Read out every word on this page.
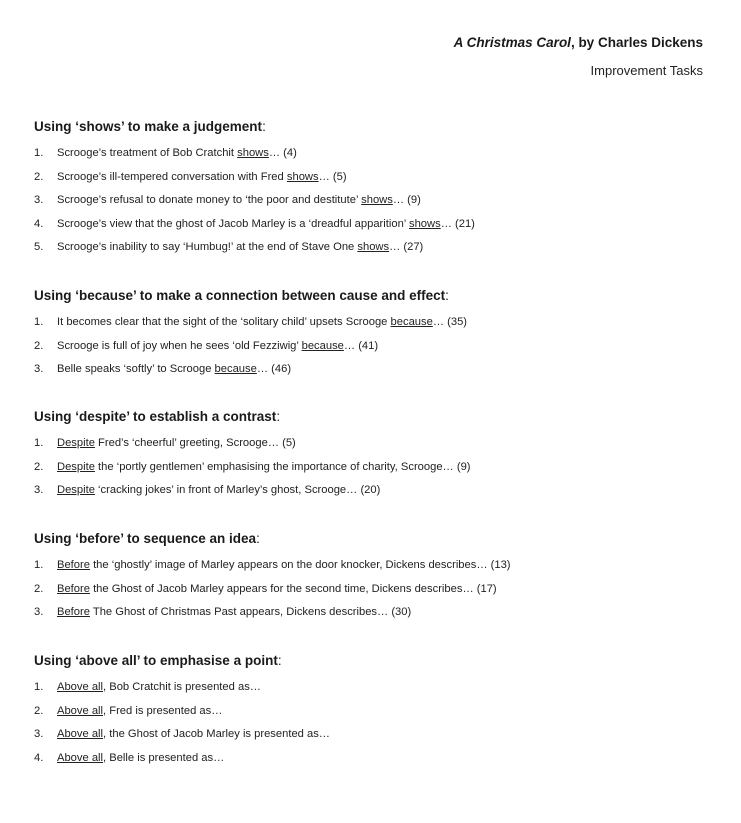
A Christmas Carol, by Charles Dickens
Improvement Tasks
Using ‘shows’ to make a judgement:
1. Scrooge’s treatment of Bob Cratchit shows… (4)
2. Scrooge’s ill-tempered conversation with Fred shows… (5)
3. Scrooge’s refusal to donate money to ‘the poor and destitute’ shows… (9)
4. Scrooge’s view that the ghost of Jacob Marley is a ‘dreadful apparition’ shows… (21)
5. Scrooge’s inability to say ‘Humbug!’ at the end of Stave One shows… (27)
Using ‘because’ to make a connection between cause and effect:
1. It becomes clear that the sight of the ‘solitary child’ upsets Scrooge because… (35)
2. Scrooge is full of joy when he sees ‘old Fezziwig’ because… (41)
3. Belle speaks ‘softly’ to Scrooge because… (46)
Using ‘despite’ to establish a contrast:
1. Despite Fred’s ‘cheerful’ greeting, Scrooge… (5)
2. Despite the ‘portly gentlemen’ emphasising the importance of charity, Scrooge… (9)
3. Despite ‘cracking jokes’ in front of Marley’s ghost, Scrooge… (20)
Using ‘before’ to sequence an idea:
1. Before the ‘ghostly’ image of Marley appears on the door knocker, Dickens describes… (13)
2. Before the Ghost of Jacob Marley appears for the second time, Dickens describes… (17)
3. Before The Ghost of Christmas Past appears, Dickens describes… (30)
Using ‘above all’ to emphasise a point:
1. Above all, Bob Cratchit is presented as…
2. Above all, Fred is presented as…
3. Above all, the Ghost of Jacob Marley is presented as…
4. Above all, Belle is presented as…
